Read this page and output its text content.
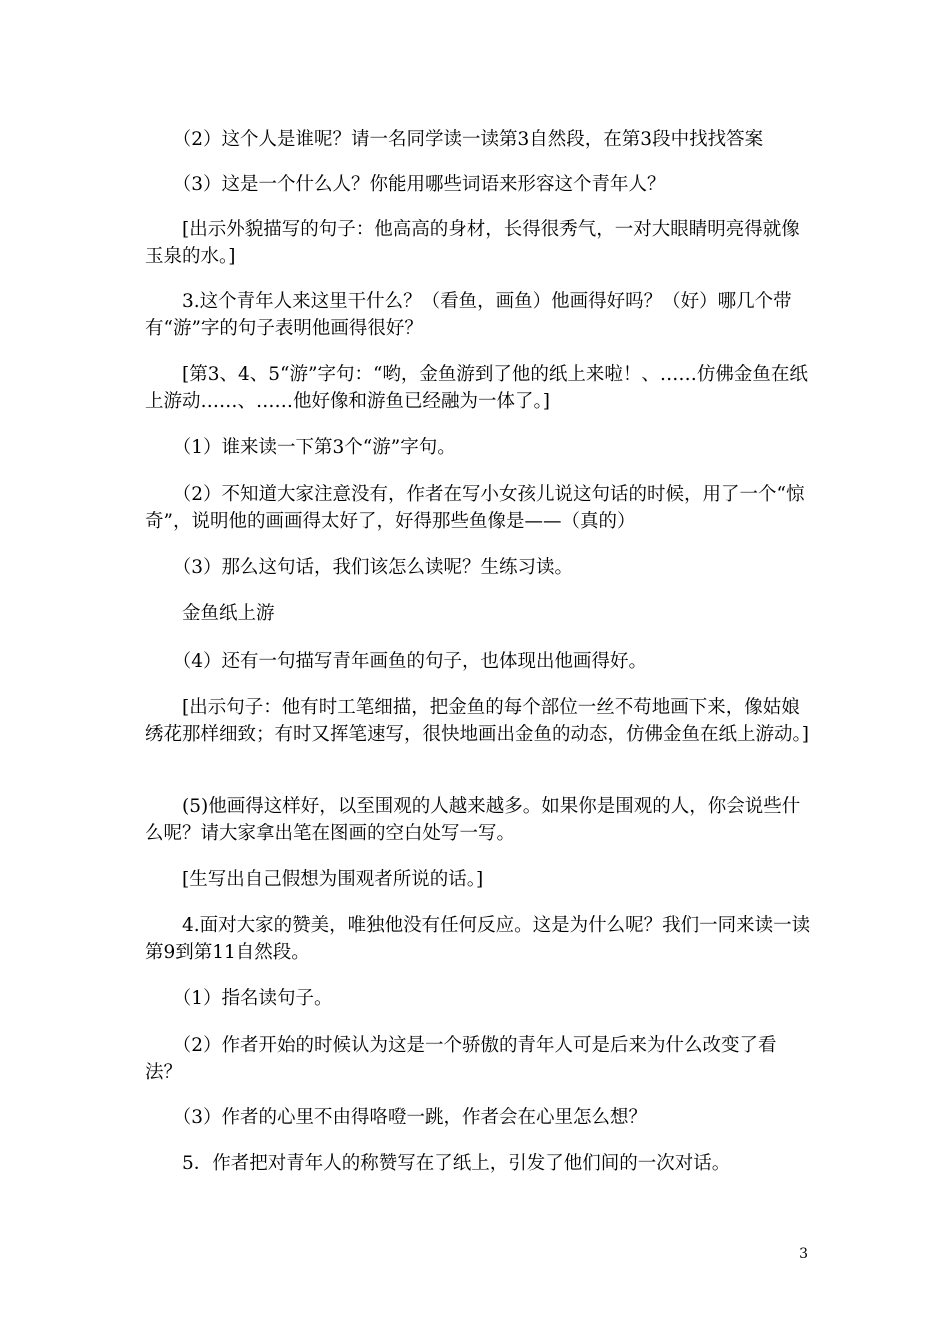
　　（2）这个人是谁呢？请一名同学读一读第3自然段，在第3段中找找答案

　　（3）这是一个什么人？你能用哪些词语来形容这个青年人？

　　[出示外貌描写的句子：他高高的身材，长得很秀气，一对大眼睛明亮得就像玉泉的水。]

　　3.这个青年人来这里干什么？（看鱼，画鱼）他画得好吗？（好）哪几个带有“游”字的句子表明他画得很好？

　　[第3、4、5“游”字句：“哟，金鱼游到了他的纸上来啦！、……仿佛金鱼在纸上游动……、……他好像和游鱼已经融为一体了。]

　　（1）谁来读一下第3个“游”字句。

　　（2）不知道大家注意没有，作者在写小女孩儿说这句话的时候，用了一个“惊奇”，说明他的画画得太好了，好得那些鱼像是——（真的）

　　（3）那么这句话，我们该怎么读呢？生练习读。

　　金鱼纸上游

　　（4）还有一句描写青年画鱼的句子，也体现出他画得好。

　　[出示句子：他有时工笔细描，把金鱼的每个部位一丝不苟地画下来，像姑娘绣花那样细致；有时又挥笔速写，很快地画出金鱼的动态，仿佛金鱼在纸上游动。]

　　(5)他画得这样好，以至围观的人越来越多。如果你是围观的人，你会说些什么呢？请大家拿出笔在图画的空白处写一写。

　　[生写出自己假想为围观者所说的话。]

　　4.面对大家的赞美，唯独他没有任何反应。这是为什么呢？我们一同来读一读第9到第11自然段。

　　（1）指名读句子。

　　（2）作者开始的时候认为这是一个骄傲的青年人可是后来为什么改变了看法？

　　（3）作者的心里不由得咯噔一跳，作者会在心里怎么想？

　　5．作者把对青年人的称赞写在了纸上，引发了他们间的一次对话。

3
